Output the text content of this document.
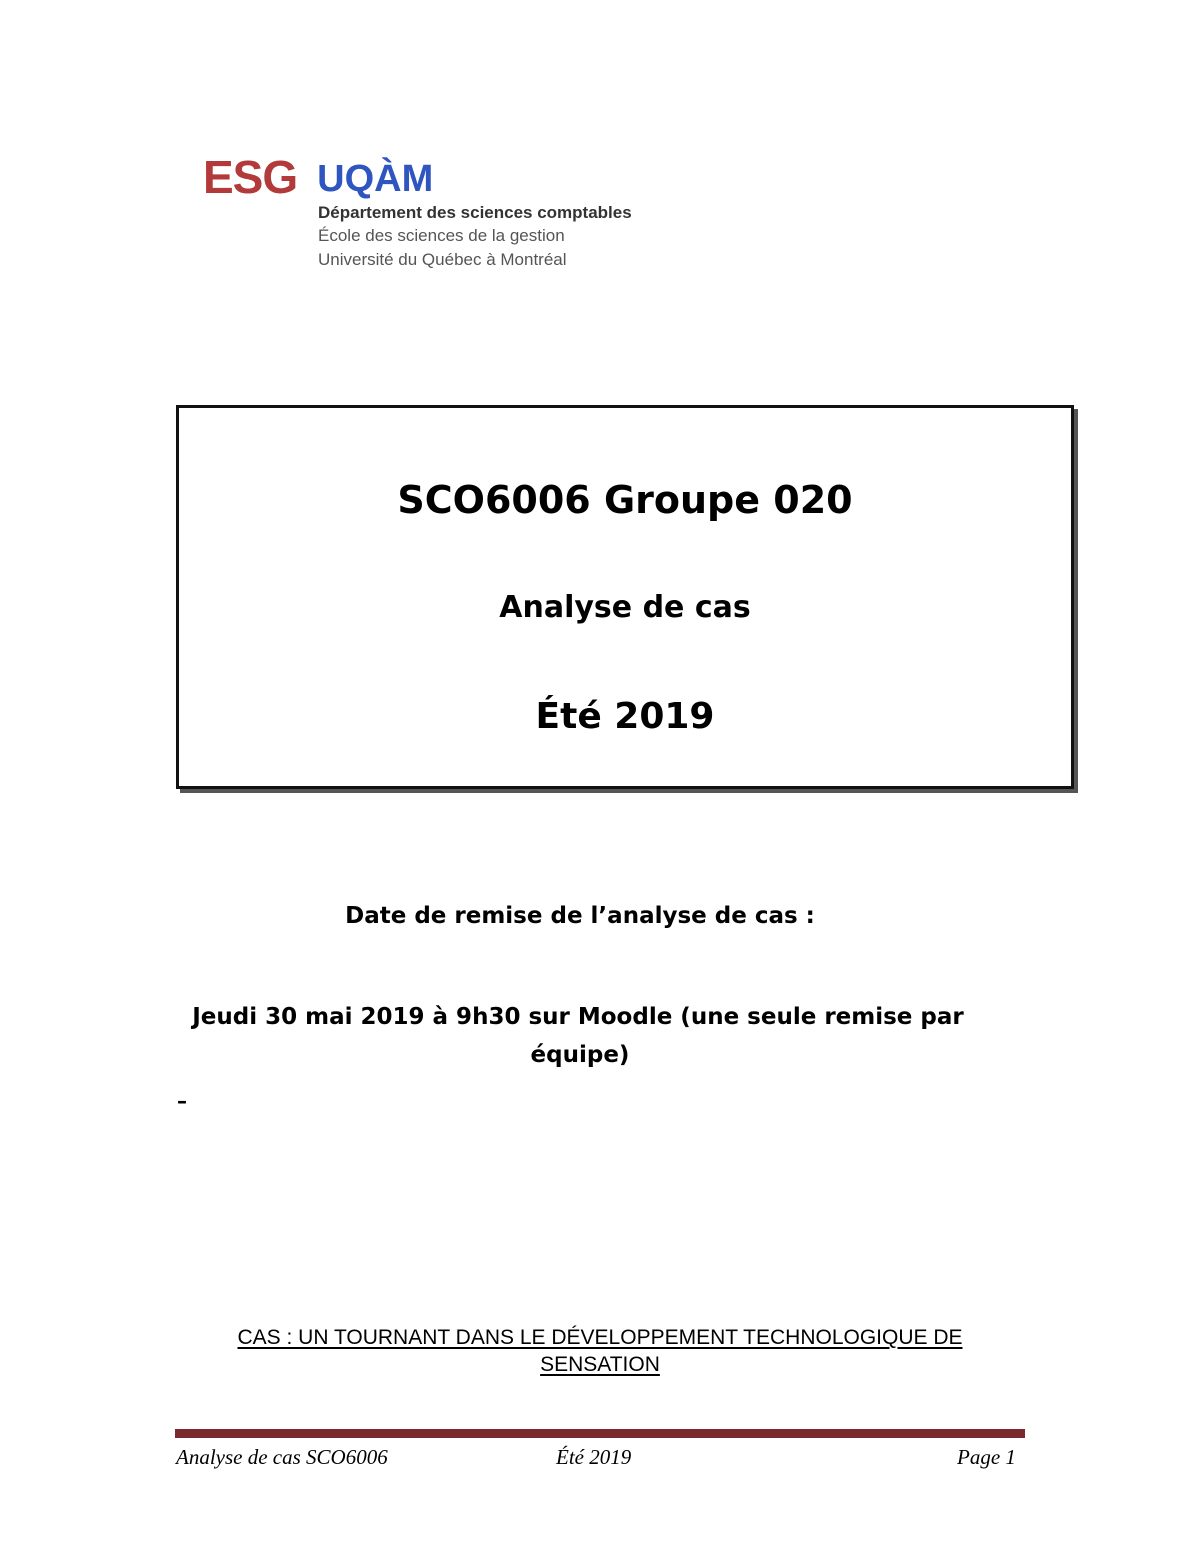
ESG UQÀM
Département des sciences comptables
École des sciences de la gestion
Université du Québec à Montréal
SCO6006 Groupe 020
Analyse de cas
Été 2019
Date de remise de l’analyse de cas :
Jeudi 30 mai 2019 à 9h30 sur Moodle (une seule remise par
équipe)
–
CAS : UN TOURNANT DANS LE DÉVELOPPEMENT TECHNOLOGIQUE DE
SENSATION
Analyse de cas SCO6006	Été 2019	Page 1
